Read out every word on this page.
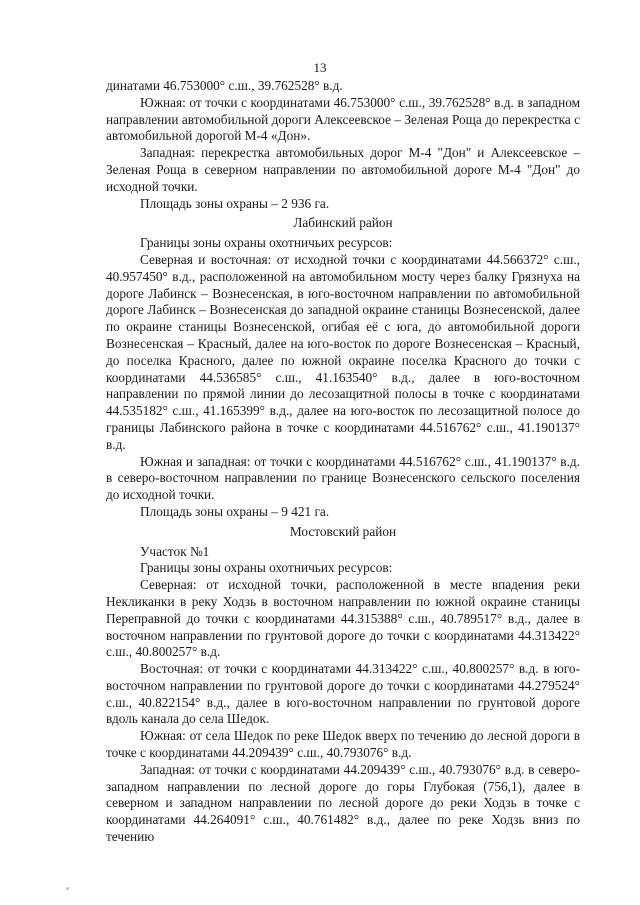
13

динатами 46.753000° с.ш., 39.762528° в.д.

Южная: от точки с координатами 46.753000° с.ш., 39.762528° в.д. в западном направлении автомобильной дороги Алексеевское – Зеленая Роща до перекрестка с автомобильной дорогой М-4 «Дон».

Западная: перекрестка автомобильных дорог М-4 "Дон" и Алексеевское – Зеленая Роща в северном направлении по автомобильной дороге М-4 "Дон" до исходной точки.

Площадь зоны охраны – 2 936 га.

Лабинский район

Границы зоны охраны охотничьих ресурсов:

Северная и восточная: от исходной точки с координатами 44.566372° с.ш., 40.957450° в.д., расположенной на автомобильном мосту через балку Грязнуха на дороге Лабинск – Вознесенская, в юго-восточном направлении по автомобильной дороге Лабинск – Вознесенская до западной окраине станицы Вознесенской, далее по окраине станицы Вознесенской, огибая её с юга, до автомобильной дороги Вознесенская – Красный, далее на юго-восток по дороге Вознесенская – Красный, до поселка Красного, далее по южной окраине поселка Красного до точки с координатами 44.536585° с.ш., 41.163540° в.д., далее в юго-восточном направлении по прямой линии до лесозащитной полосы в точке с координатами 44.535182° с.ш., 41.165399° в.д., далее на юго-восток по лесозащитной полосе до границы Лабинского района в точке с координатами 44.516762° с.ш., 41.190137° в.д.

Южная и западная: от точки с координатами 44.516762° с.ш., 41.190137° в.д. в северо-восточном направлении по границе Вознесенского сельского поселения до исходной точки.

Площадь зоны охраны – 9 421 га.

Мостовский район

Участок №1

Границы зоны охраны охотничьих ресурсов:

Северная: от исходной точки, расположенной в месте впадения реки Некликанки в реку Ходзь в восточном направлении по южной окраине станицы Переправной до точки с координатами 44.315388° с.ш., 40.789517° в.д., далее в восточном направлении по грунтовой дороге до точки с координатами 44.313422° с.ш., 40.800257° в.д.

Восточная: от точки с координатами 44.313422° с.ш., 40.800257° в.д. в юго-восточном направлении по грунтовой дороге до точки с координатами 44.279524° с.ш., 40.822154° в.д., далее в юго-восточном направлении по грунтовой дороге вдоль канала до села Шедок.

Южная: от села Шедок по реке Шедок вверх по течению до лесной дороги в точке с координатами 44.209439° с.ш., 40.793076° в.д.

Западная: от точки с координатами 44.209439° с.ш., 40.793076° в.д. в северо-западном направлении по лесной дороге до горы Глубокая (756,1), далее в северном и западном направлении по лесной дороге до реки Ходзь в точке с координатами 44.264091° с.ш., 40.761482° в.д., далее по реке Ходзь вниз по течению
